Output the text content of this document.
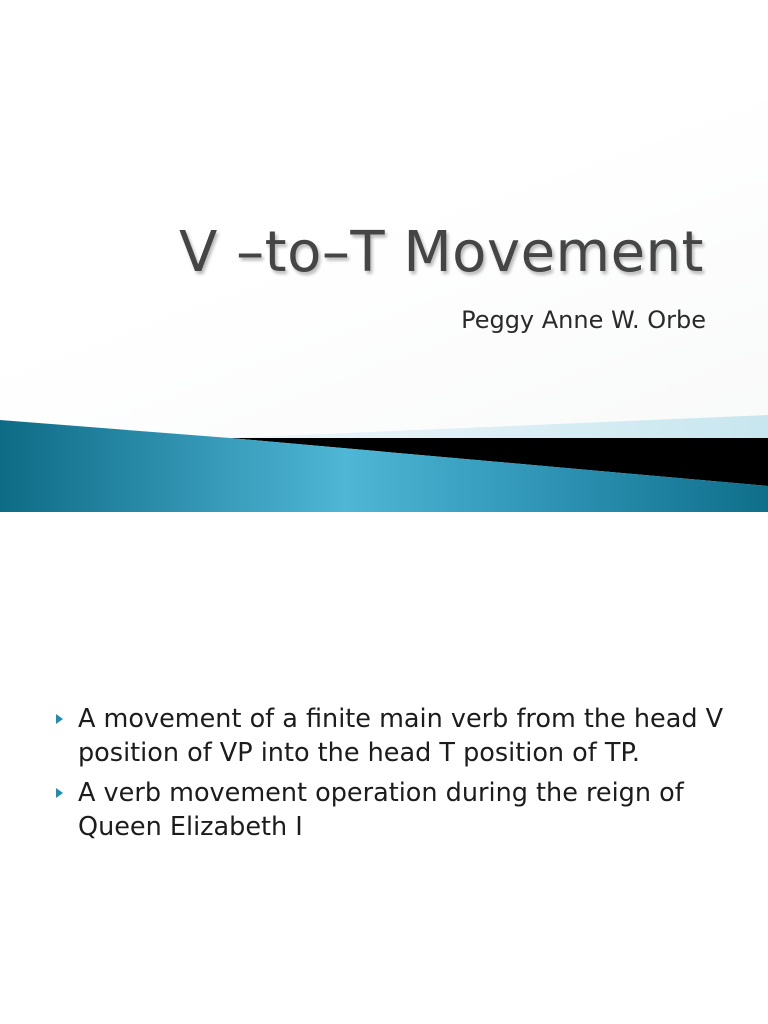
V –to–T Movement

Peggy Anne W. Orbe

A movement of a finite main verb from the head V position of VP into the head T position of TP.
A verb movement operation during the reign of Queen Elizabeth I
